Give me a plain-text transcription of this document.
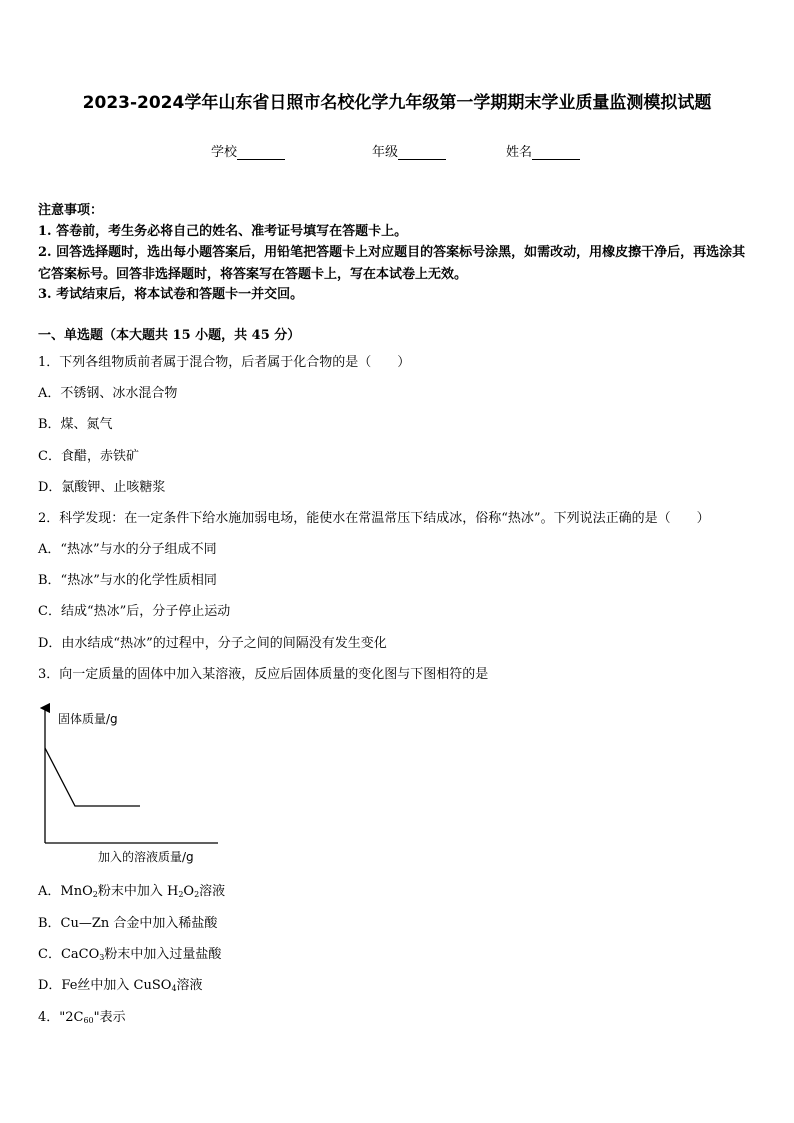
2023-2024学年山东省日照市名校化学九年级第一学期期末学业质量监测模拟试题
学校	年级	姓名
注意事项：
1. 答卷前，考生务必将自己的姓名、准考证号填写在答题卡上。
2. 回答选择题时，选出每小题答案后，用铅笔把答题卡上对应题目的答案标号涂黑，如需改动，用橡皮擦干净后，再选涂其它答案标号。回答非选择题时，将答案写在答题卡上，写在本试卷上无效。
3. 考试结束后，将本试卷和答题卡一并交回。
一、单选题（本大题共 15 小题，共 45 分）
1．下列各组物质前者属于混合物，后者属于化合物的是（　　）
A．不锈钢、冰水混合物
B．煤、氮气
C．食醋，赤铁矿
D．氯酸钾、止咳糖浆
2．科学发现：在一定条件下给水施加弱电场，能使水在常温常压下结成冰，俗称“热冰”。下列说法正确的是（　　）
A．“热冰”与水的分子组成不同
B．“热冰”与水的化学性质相同
C．结成“热冰”后，分子停止运动
D．由水结成“热冰”的过程中，分子之间的间隔没有发生变化
3．向一定质量的固体中加入某溶液，反应后固体质量的变化图与下图相符的是
固体质量/g
加入的溶液质量/g
A．MnO$_2$粉末中加入 $H_2O_2$溶液
B．Cu—Zn 合金中加入稀盐酸
C．CaCO$_3$粉末中加入过量盐酸
D．Fe丝中加入 CuSO$_4$溶液
4．"$2C_{60}$"表示
